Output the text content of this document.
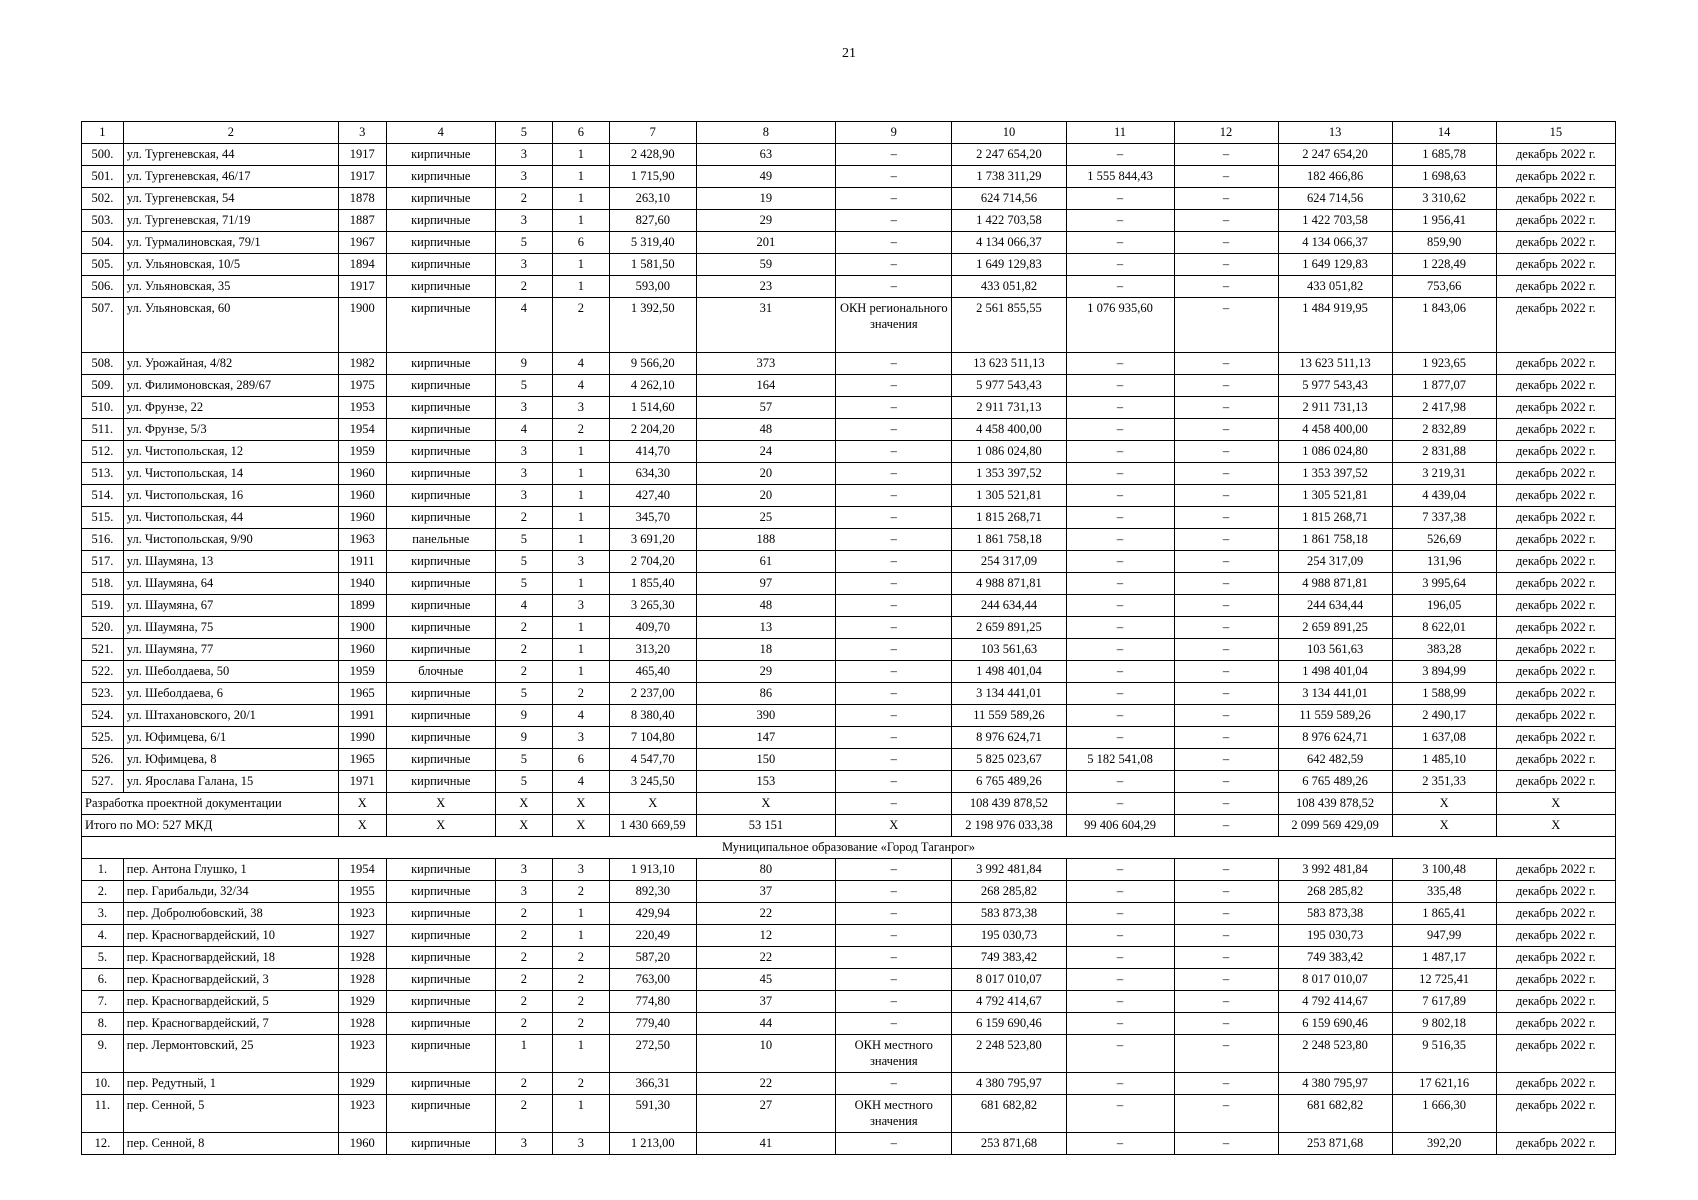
21
1	2	3	4	5	6	7	8	9	10	11	12	13	14	15
500.	ул. Тургеневская, 44	1917	кирпичные	3	1	2 428,90	63	–	2 247 654,20	–	–	2 247 654,20	1 685,78	декабрь 2022 г.
501.	ул. Тургеневская, 46/17	1917	кирпичные	3	1	1 715,90	49	–	1 738 311,29	1 555 844,43	–	182 466,86	1 698,63	декабрь 2022 г.
502.	ул. Тургеневская, 54	1878	кирпичные	2	1	263,10	19	–	624 714,56	–	–	624 714,56	3 310,62	декабрь 2022 г.
503.	ул. Тургеневская, 71/19	1887	кирпичные	3	1	827,60	29	–	1 422 703,58	–	–	1 422 703,58	1 956,41	декабрь 2022 г.
504.	ул. Турмалиновская, 79/1	1967	кирпичные	5	6	5 319,40	201	–	4 134 066,37	–	–	4 134 066,37	859,90	декабрь 2022 г.
505.	ул. Ульяновская, 10/5	1894	кирпичные	3	1	1 581,50	59	–	1 649 129,83	–	–	1 649 129,83	1 228,49	декабрь 2022 г.
506.	ул. Ульяновская, 35	1917	кирпичные	2	1	593,00	23	–	433 051,82	–	–	433 051,82	753,66	декабрь 2022 г.
507.	ул. Ульяновская, 60	1900	кирпичные	4	2	1 392,50	31	ОКН регионального значения	2 561 855,55	1 076 935,60	–	1 484 919,95	1 843,06	декабрь 2022 г.
508.	ул. Урожайная, 4/82	1982	кирпичные	9	4	9 566,20	373	–	13 623 511,13	–	–	13 623 511,13	1 923,65	декабрь 2022 г.
509.	ул. Филимоновская, 289/67	1975	кирпичные	5	4	4 262,10	164	–	5 977 543,43	–	–	5 977 543,43	1 877,07	декабрь 2022 г.
510.	ул. Фрунзе, 22	1953	кирпичные	3	3	1 514,60	57	–	2 911 731,13	–	–	2 911 731,13	2 417,98	декабрь 2022 г.
511.	ул. Фрунзе, 5/3	1954	кирпичные	4	2	2 204,20	48	–	4 458 400,00	–	–	4 458 400,00	2 832,89	декабрь 2022 г.
512.	ул. Чистопольская, 12	1959	кирпичные	3	1	414,70	24	–	1 086 024,80	–	–	1 086 024,80	2 831,88	декабрь 2022 г.
513.	ул. Чистопольская, 14	1960	кирпичные	3	1	634,30	20	–	1 353 397,52	–	–	1 353 397,52	3 219,31	декабрь 2022 г.
514.	ул. Чистопольская, 16	1960	кирпичные	3	1	427,40	20	–	1 305 521,81	–	–	1 305 521,81	4 439,04	декабрь 2022 г.
515.	ул. Чистопольская, 44	1960	кирпичные	2	1	345,70	25	–	1 815 268,71	–	–	1 815 268,71	7 337,38	декабрь 2022 г.
516.	ул. Чистопольская, 9/90	1963	панельные	5	1	3 691,20	188	–	1 861 758,18	–	–	1 861 758,18	526,69	декабрь 2022 г.
517.	ул. Шаумяна, 13	1911	кирпичные	5	3	2 704,20	61	–	254 317,09	–	–	254 317,09	131,96	декабрь 2022 г.
518.	ул. Шаумяна, 64	1940	кирпичные	5	1	1 855,40	97	–	4 988 871,81	–	–	4 988 871,81	3 995,64	декабрь 2022 г.
519.	ул. Шаумяна, 67	1899	кирпичные	4	3	3 265,30	48	–	244 634,44	–	–	244 634,44	196,05	декабрь 2022 г.
520.	ул. Шаумяна, 75	1900	кирпичные	2	1	409,70	13	–	2 659 891,25	–	–	2 659 891,25	8 622,01	декабрь 2022 г.
521.	ул. Шаумяна, 77	1960	кирпичные	2	1	313,20	18	–	103 561,63	–	–	103 561,63	383,28	декабрь 2022 г.
522.	ул. Шеболдаева, 50	1959	блочные	2	1	465,40	29	–	1 498 401,04	–	–	1 498 401,04	3 894,99	декабрь 2022 г.
523.	ул. Шеболдаева, 6	1965	кирпичные	5	2	2 237,00	86	–	3 134 441,01	–	–	3 134 441,01	1 588,99	декабрь 2022 г.
524.	ул. Штахановского, 20/1	1991	кирпичные	9	4	8 380,40	390	–	11 559 589,26	–	–	11 559 589,26	2 490,17	декабрь 2022 г.
525.	ул. Юфимцева, 6/1	1990	кирпичные	9	3	7 104,80	147	–	8 976 624,71	–	–	8 976 624,71	1 637,08	декабрь 2022 г.
526.	ул. Юфимцева, 8	1965	кирпичные	5	6	4 547,70	150	–	5 825 023,67	5 182 541,08	–	642 482,59	1 485,10	декабрь 2022 г.
527.	ул. Ярослава Галана, 15	1971	кирпичные	5	4	3 245,50	153	–	6 765 489,26	–	–	6 765 489,26	2 351,33	декабрь 2022 г.
Разработка проектной документации		X	X	X	X	X	X	–	108 439 878,52	–	–	108 439 878,52	X	X
Итого по МО: 527 МКД		X	X	X	X	1 430 669,59	53 151	X	2 198 976 033,38	99 406 604,29	–	2 099 569 429,09	X	X
Муниципальное образование «Город Таганрог»														
1.	пер. Антона Глушко, 1	1954	кирпичные	3	3	1 913,10	80	–	3 992 481,84	–	–	3 992 481,84	3 100,48	декабрь 2022 г.
2.	пер. Гарибальди, 32/34	1955	кирпичные	3	2	892,30	37	–	268 285,82	–	–	268 285,82	335,48	декабрь 2022 г.
3.	пер. Добролюбовский, 38	1923	кирпичные	2	1	429,94	22	–	583 873,38	–	–	583 873,38	1 865,41	декабрь 2022 г.
4.	пер. Красногвардейский, 10	1927	кирпичные	2	1	220,49	12	–	195 030,73	–	–	195 030,73	947,99	декабрь 2022 г.
5.	пер. Красногвардейский, 18	1928	кирпичные	2	2	587,20	22	–	749 383,42	–	–	749 383,42	1 487,17	декабрь 2022 г.
6.	пер. Красногвардейский, 3	1928	кирпичные	2	2	763,00	45	–	8 017 010,07	–	–	8 017 010,07	12 725,41	декабрь 2022 г.
7.	пер. Красногвардейский, 5	1929	кирпичные	2	2	774,80	37	–	4 792 414,67	–	–	4 792 414,67	7 617,89	декабрь 2022 г.
8.	пер. Красногвардейский, 7	1928	кирпичные	2	2	779,40	44	–	6 159 690,46	–	–	6 159 690,46	9 802,18	декабрь 2022 г.
9.	пер. Лермонтовский, 25	1923	кирпичные	1	1	272,50	10	ОКН местного значения	2 248 523,80	–	–	2 248 523,80	9 516,35	декабрь 2022 г.
10.	пер. Редутный, 1	1929	кирпичные	2	2	366,31	22	–	4 380 795,97	–	–	4 380 795,97	17 621,16	декабрь 2022 г.
11.	пер. Сенной, 5	1923	кирпичные	2	1	591,30	27	ОКН местного значения	681 682,82	–	–	681 682,82	1 666,30	декабрь 2022 г.
12.	пер. Сенной, 8	1960	кирпичные	3	3	1 213,00	41	–	253 871,68	–	–	253 871,68	392,20	декабрь 2022 г.
